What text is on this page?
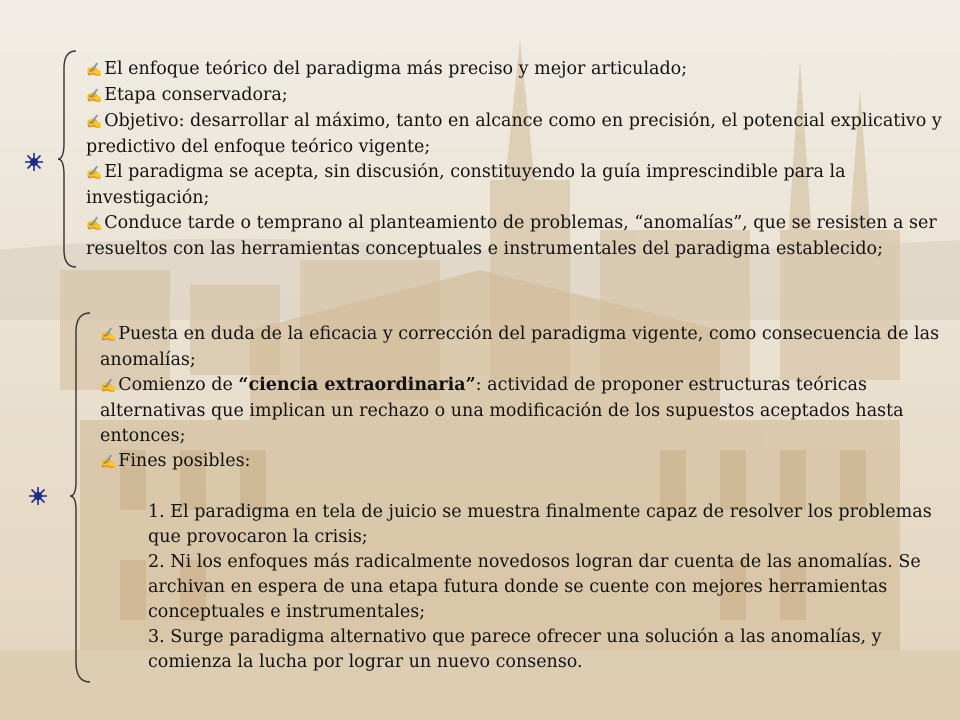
✍ El enfoque teórico del paradigma más preciso y mejor articulado;
✍ Etapa conservadora;
✍ Objetivo: desarrollar al máximo, tanto en alcance como en precisión, el potencial explicativo y predictivo del enfoque teórico vigente;
✍ El paradigma se acepta, sin discusión, constituyendo la guía imprescindible para la investigación;
✍ Conduce tarde o temprano al planteamiento de problemas, “anomalías”, que se resisten a ser resueltos con las herramientas conceptuales e instrumentales del paradigma establecido;
✍ Puesta en duda de la eficacia y corrección del paradigma vigente, como consecuencia de las anomalías;
✍ Comienzo de “ciencia extraordinaria”: actividad de proponer estructuras teóricas alternativas que implican un rechazo o una modificación de los supuestos aceptados hasta entonces;
✍ Fines posibles:
1. El paradigma en tela de juicio se muestra finalmente capaz de resolver los problemas que provocaron la crisis;
2. Ni los enfoques más radicalmente novedosos logran dar cuenta de las anomalías. Se archivan en espera de una etapa futura donde se cuente con mejores herramientas conceptuales e instrumentales;
3. Surge paradigma alternativo que parece ofrecer una solución a las anomalías, y comienza la lucha por lograr un nuevo consenso.
